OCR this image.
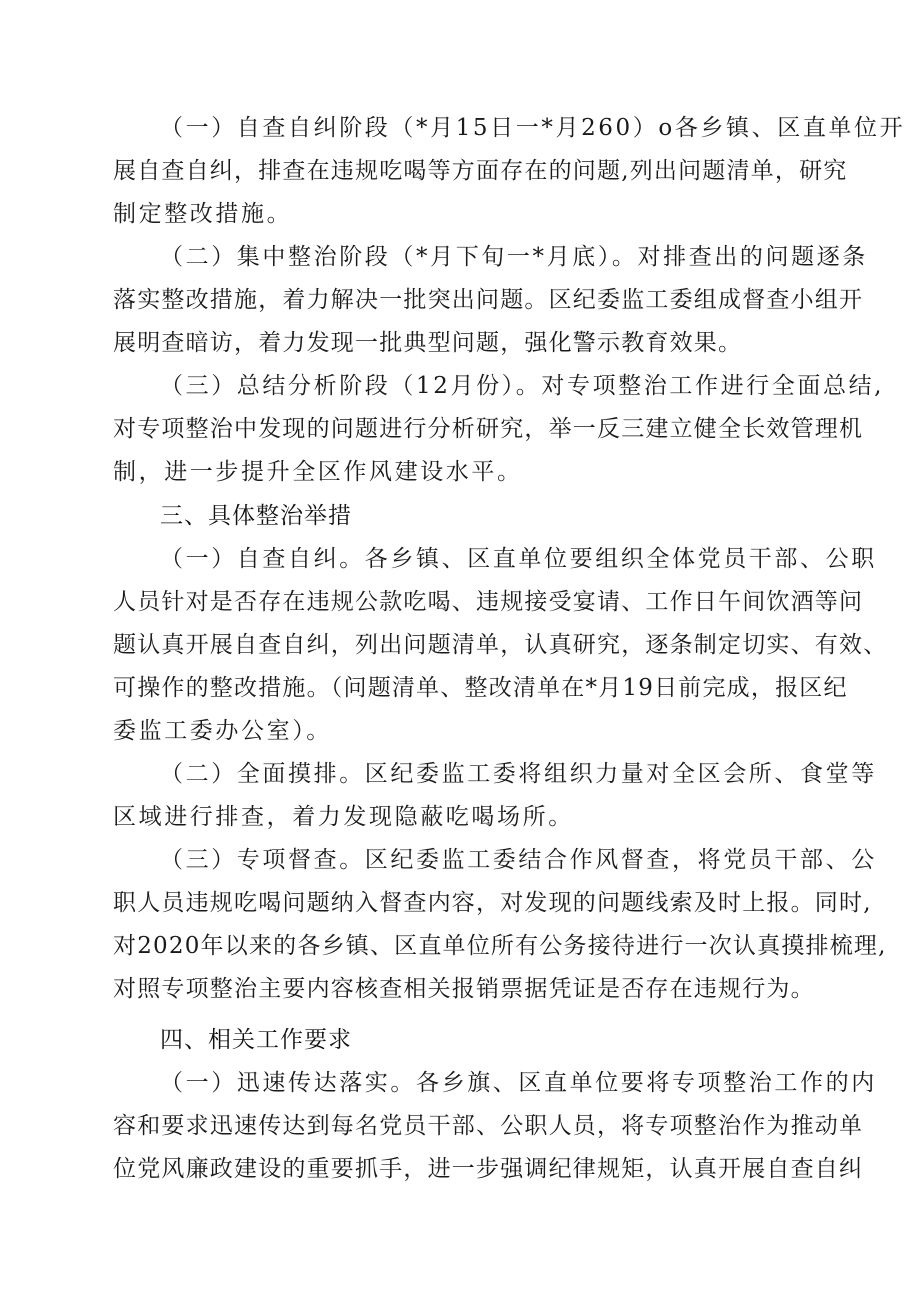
（一）自查自纠阶段（*月15日一*月260）o各乡镇、区直单位开
展自查自纠，排查在违规吃喝等方面存在的问题,列出问题清单，研究
制定整改措施。
（二）集中整治阶段（*月下旬一*月底）。对排查出的问题逐条
落实整改措施，着力解决一批突出问题。区纪委监工委组成督查小组开
展明查暗访，着力发现一批典型问题，强化警示教育效果。
（三）总结分析阶段（12月份）。对专项整治工作进行全面总结,
对专项整治中发现的问题进行分析研究，举一反三建立健全长效管理机
制，进一步提升全区作风建设水平。
三、具体整治举措
（一）自查自纠。各乡镇、区直单位要组织全体党员干部、公职
人员针对是否存在违规公款吃喝、违规接受宴请、工作日午间饮酒等问
题认真开展自查自纠，列出问题清单，认真研究，逐条制定切实、有效、
可操作的整改措施。（问题清单、整改清单在*月19日前完成，报区纪
委监工委办公室）。
（二）全面摸排。区纪委监工委将组织力量对全区会所、食堂等
区域进行排查，着力发现隐蔽吃喝场所。
（三）专项督查。区纪委监工委结合作风督查，将党员干部、公
职人员违规吃喝问题纳入督查内容，对发现的问题线索及时上报。同时,
对2020年以来的各乡镇、区直单位所有公务接待进行一次认真摸排梳理,
对照专项整治主要内容核查相关报销票据凭证是否存在违规行为。
四、相关工作要求
（一）迅速传达落实。各乡旗、区直单位要将专项整治工作的内
容和要求迅速传达到每名党员干部、公职人员，将专项整治作为推动单
位党风廉政建设的重要抓手，进一步强调纪律规矩，认真开展自查自纠
